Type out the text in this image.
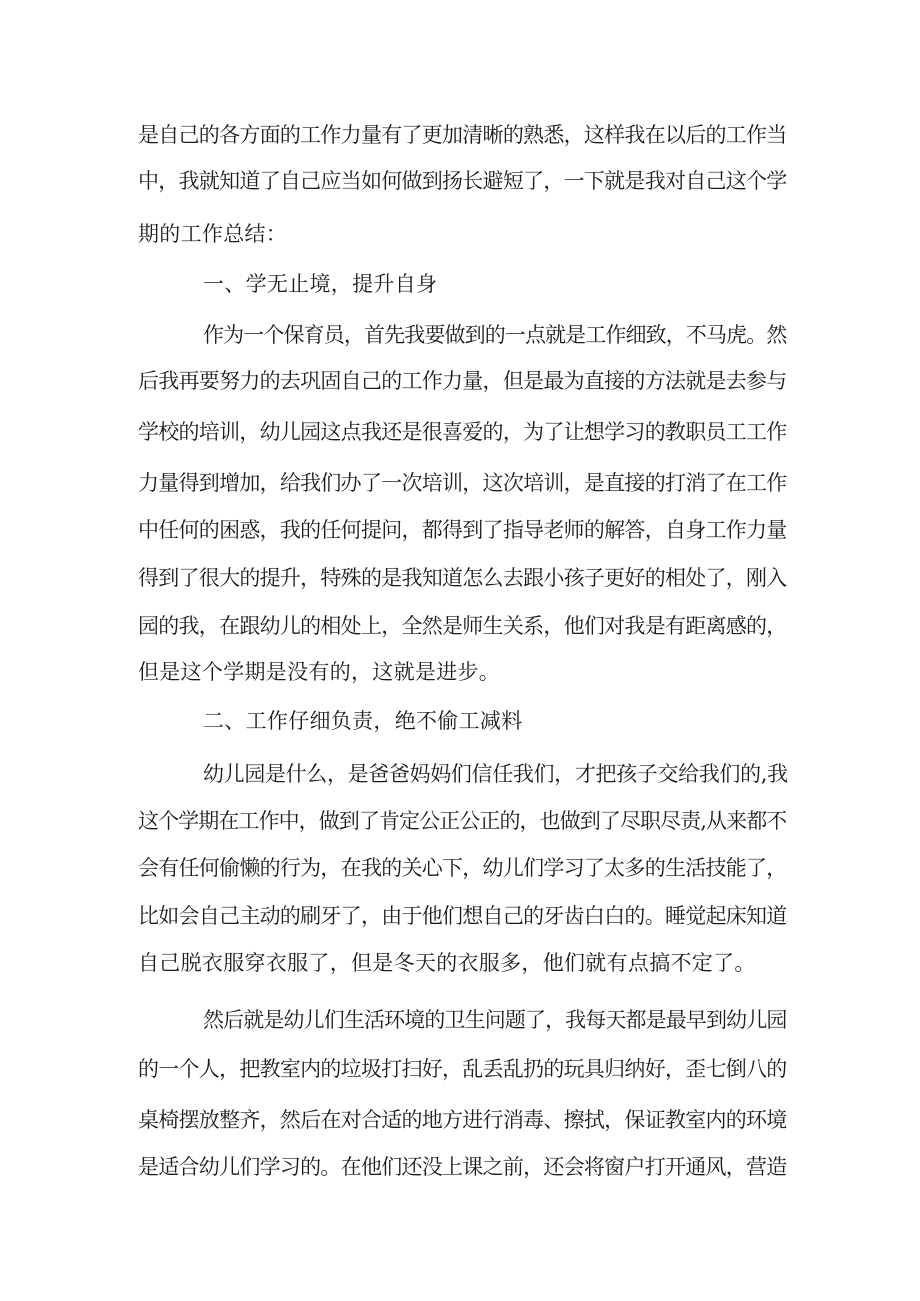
是自己的各方面的工作力量有了更加清晰的熟悉，这样我在以后的工作当
中，我就知道了自己应当如何做到扬长避短了，一下就是我对自己这个学
期的工作总结：
一、学无止境，提升自身
作为一个保育员，首先我要做到的一点就是工作细致，不马虎。然
后我再要努力的去巩固自己的工作力量，但是最为直接的方法就是去参与
学校的培训，幼儿园这点我还是很喜爱的，为了让想学习的教职员工工作
力量得到增加，给我们办了一次培训，这次培训，是直接的打消了在工作
中任何的困惑，我的任何提问，都得到了指导老师的解答，自身工作力量
得到了很大的提升，特殊的是我知道怎么去跟小孩子更好的相处了，刚入
园的我，在跟幼儿的相处上，全然是师生关系，他们对我是有距离感的，
但是这个学期是没有的，这就是进步。
二、工作仔细负责，绝不偷工减料
幼儿园是什么，是爸爸妈妈们信任我们，才把孩子交给我们的,我
这个学期在工作中，做到了肯定公正公正的，也做到了尽职尽责,从来都不
会有任何偷懒的行为，在我的关心下，幼儿们学习了太多的生活技能了，
比如会自己主动的刷牙了，由于他们想自己的牙齿白白的。睡觉起床知道
自己脱衣服穿衣服了，但是冬天的衣服多，他们就有点搞不定了。
然后就是幼儿们生活环境的卫生问题了，我每天都是最早到幼儿园
的一个人，把教室内的垃圾打扫好，乱丢乱扔的玩具归纳好，歪七倒八的
桌椅摆放整齐，然后在对合适的地方进行消毒、擦拭，保证教室内的环境
是适合幼儿们学习的。在他们还没上课之前，还会将窗户打开通风，营造
